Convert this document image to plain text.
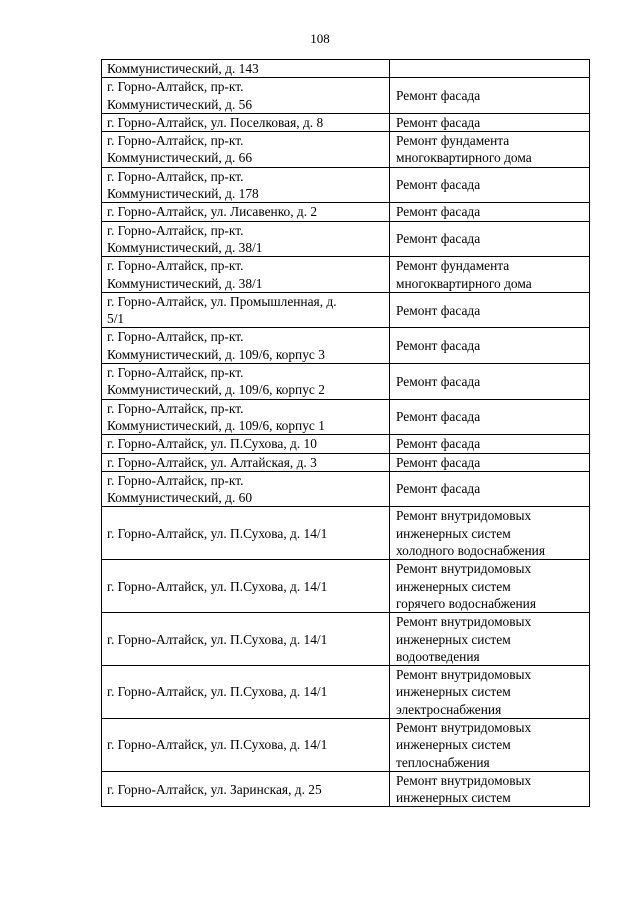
108
Коммунистический, д. 143	
г. Горно-Алтайск, пр-кт.
Коммунистический, д. 56	Ремонт фасада
г. Горно-Алтайск, ул. Поселковая, д. 8	Ремонт фасада
г. Горно-Алтайск, пр-кт.
Коммунистический, д. 66	Ремонт фундамента
многоквартирного дома
г. Горно-Алтайск, пр-кт.
Коммунистический, д. 178	Ремонт фасада
г. Горно-Алтайск, ул. Лисавенко, д. 2	Ремонт фасада
г. Горно-Алтайск, пр-кт.
Коммунистический, д. 38/1	Ремонт фасада
г. Горно-Алтайск, пр-кт.
Коммунистический, д. 38/1	Ремонт фундамента
многоквартирного дома
г. Горно-Алтайск, ул. Промышленная, д.
5/1	Ремонт фасада
г. Горно-Алтайск, пр-кт.
Коммунистический, д. 109/6, корпус 3	Ремонт фасада
г. Горно-Алтайск, пр-кт.
Коммунистический, д. 109/6, корпус 2	Ремонт фасада
г. Горно-Алтайск, пр-кт.
Коммунистический, д. 109/6, корпус 1	Ремонт фасада
г. Горно-Алтайск, ул. П.Сухова, д. 10	Ремонт фасада
г. Горно-Алтайск, ул. Алтайская, д. 3	Ремонт фасада
г. Горно-Алтайск, пр-кт.
Коммунистический, д. 60	Ремонт фасада
г. Горно-Алтайск, ул. П.Сухова, д. 14/1	Ремонт внутридомовых
инженерных систем
холодного водоснабжения
г. Горно-Алтайск, ул. П.Сухова, д. 14/1	Ремонт внутридомовых
инженерных систем
горячего водоснабжения
г. Горно-Алтайск, ул. П.Сухова, д. 14/1	Ремонт внутридомовых
инженерных систем
водоотведения
г. Горно-Алтайск, ул. П.Сухова, д. 14/1	Ремонт внутридомовых
инженерных систем
электроснабжения
г. Горно-Алтайск, ул. П.Сухова, д. 14/1	Ремонт внутридомовых
инженерных систем
теплоснабжения
г. Горно-Алтайск, ул. Заринская, д. 25	Ремонт внутридомовых
инженерных систем
